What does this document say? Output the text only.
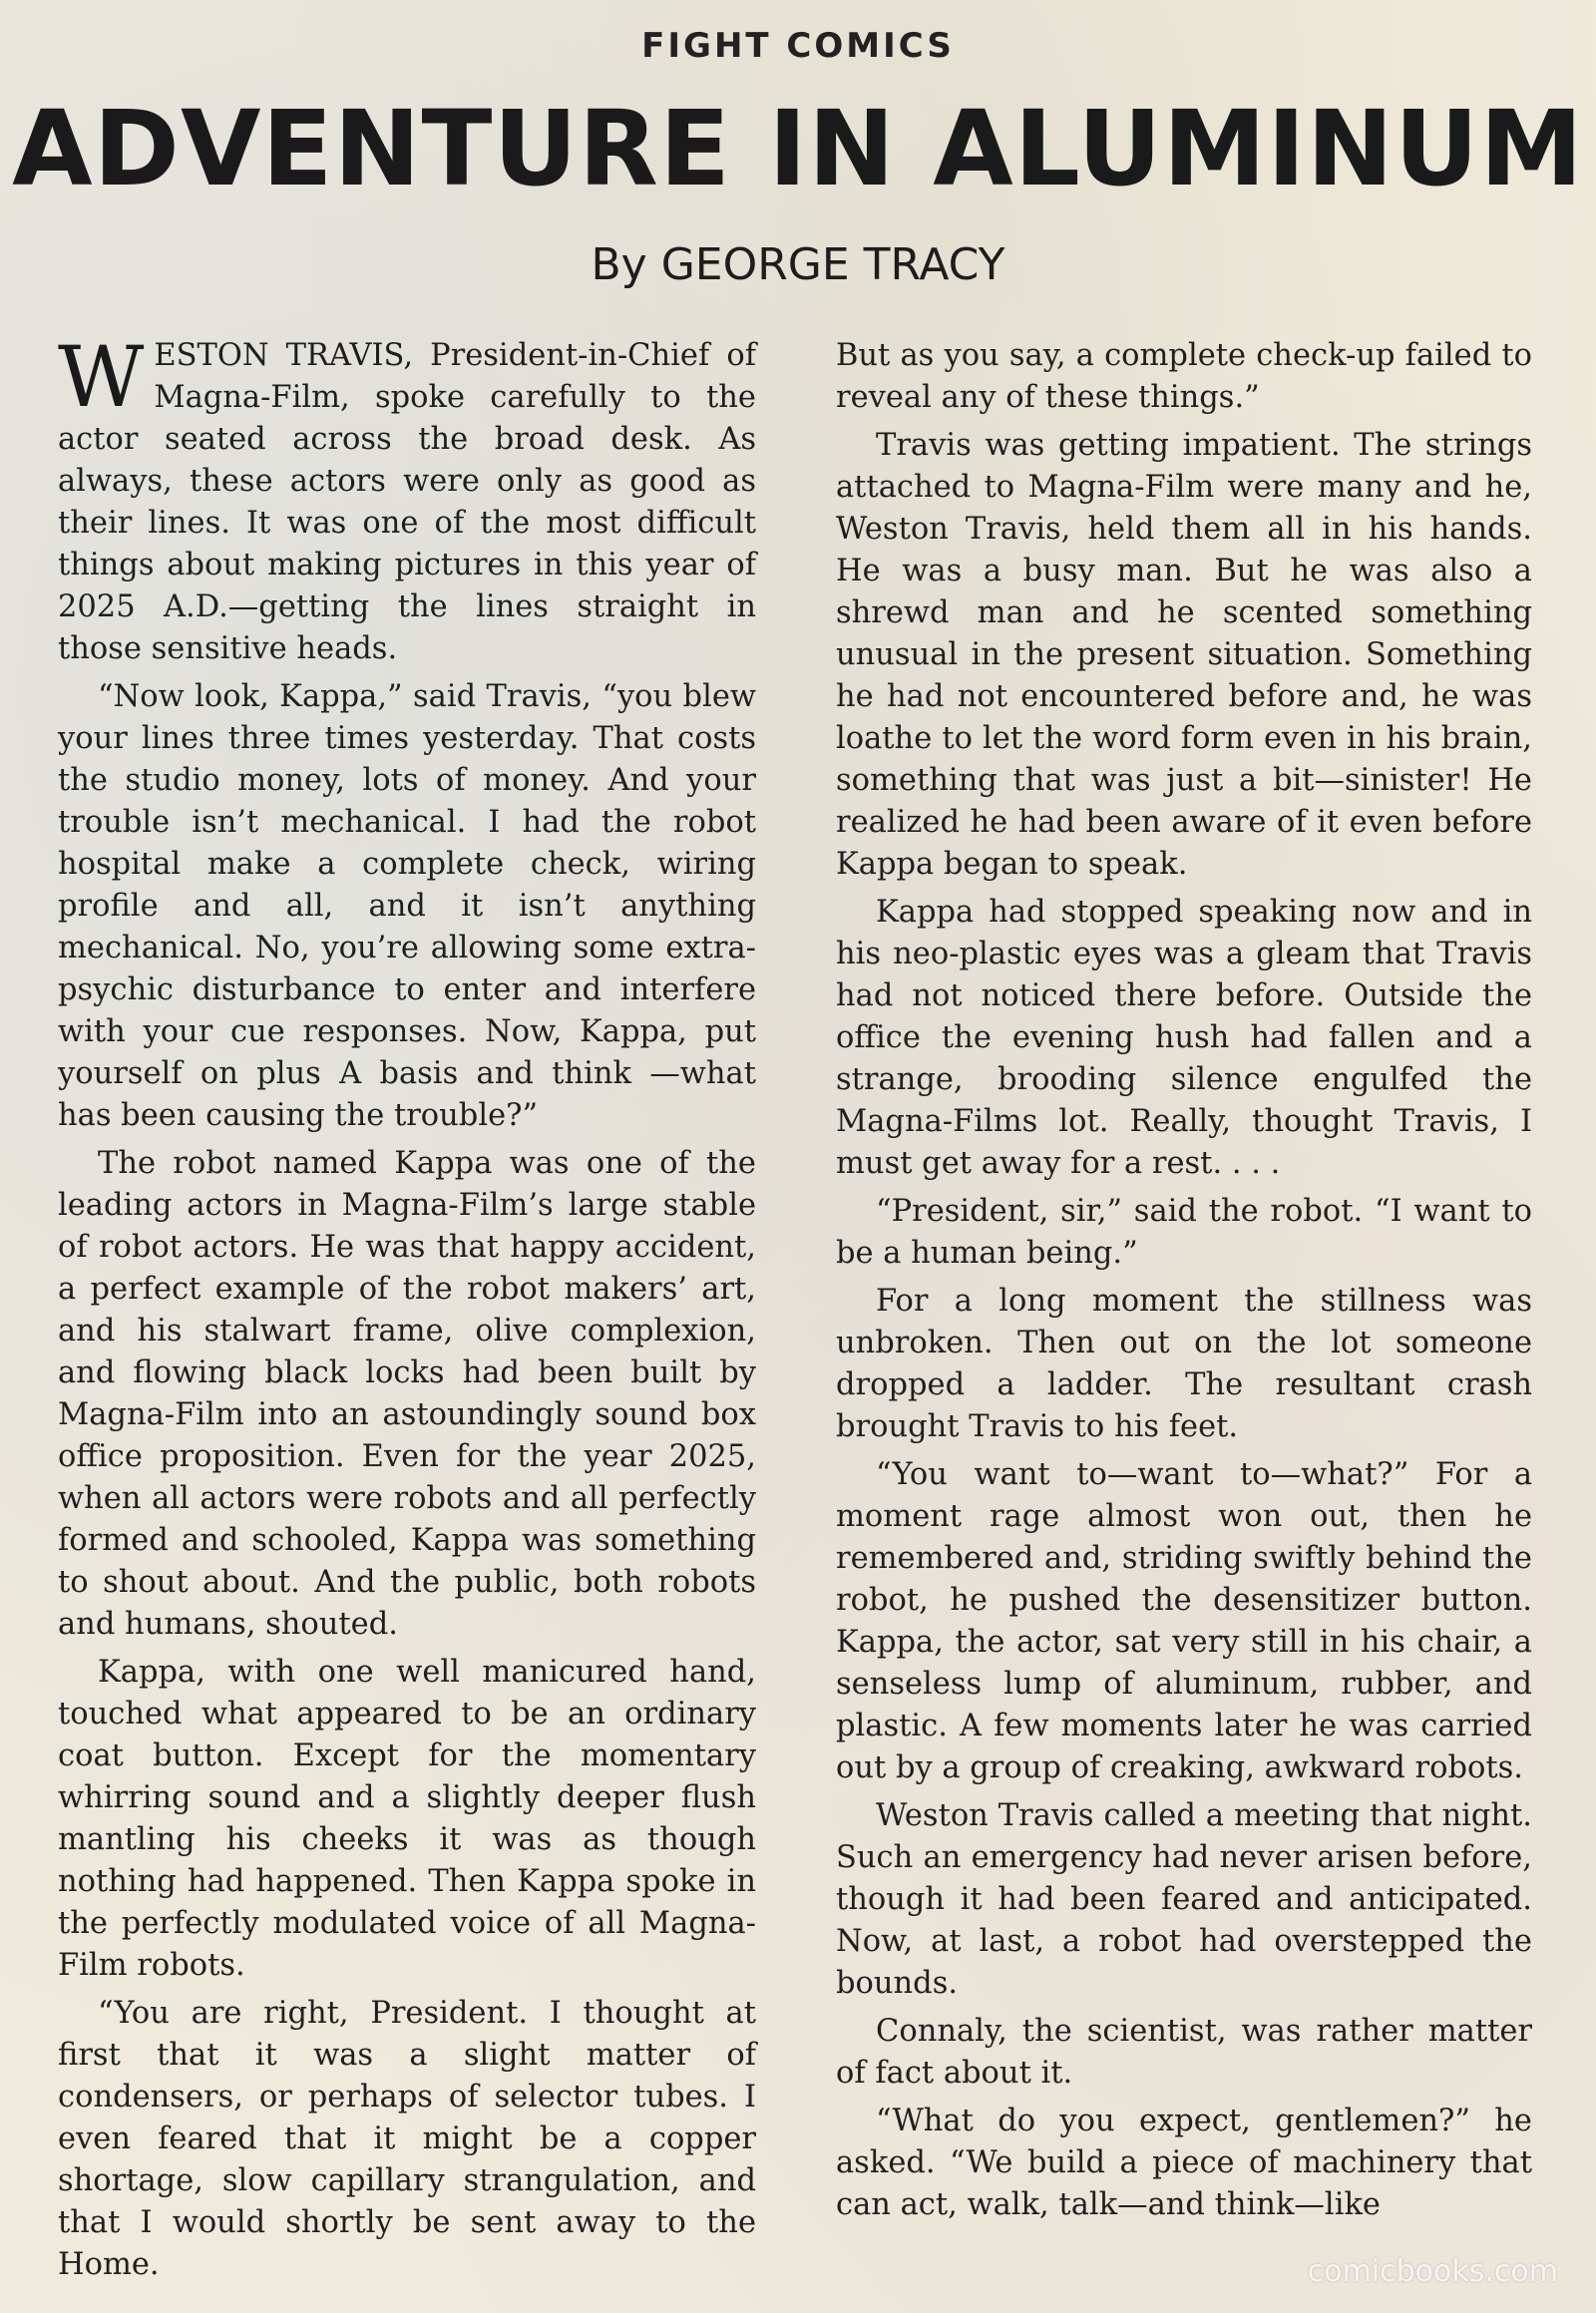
FIGHT COMICS
ADVENTURE IN ALUMINUM
By GEORGE TRACY

WESTON TRAVIS, President-in-Chief of Magna-Film, spoke carefully to the actor seated across the broad desk. As always, these actors were only as good as their lines. It was one of the most difficult things about making pictures in this year of 2025 A.D.—getting the lines straight in those sensitive heads.

“Now look, Kappa,” said Travis, “you blew your lines three times yesterday. That costs the studio money, lots of money. And your trouble isn’t mechanical. I had the robot hospital make a complete check, wiring profile and all, and it isn’t anything mechanical. No, you’re allowing some extra-psychic disturbance to enter and interfere with your cue responses. Now, Kappa, put yourself on plus A basis and think —what has been causing the trouble?”

The robot named Kappa was one of the leading actors in Magna-Film’s large stable of robot actors. He was that happy accident, a perfect example of the robot makers’ art, and his stalwart frame, olive complexion, and flowing black locks had been built by Magna-Film into an astoundingly sound box office proposition. Even for the year 2025, when all actors were robots and all perfectly formed and schooled, Kappa was something to shout about. And the public, both robots and humans, shouted.

Kappa, with one well manicured hand, touched what appeared to be an ordinary coat button. Except for the momentary whirring sound and a slightly deeper flush mantling his cheeks it was as though nothing had happened. Then Kappa spoke in the perfectly modulated voice of all Magna-Film robots.

“You are right, President. I thought at first that it was a slight matter of condensers, or perhaps of selector tubes. I even feared that it might be a copper shortage, slow capillary strangulation, and that I would shortly be sent away to the Home.

But as you say, a complete check-up failed to reveal any of these things.”

Travis was getting impatient. The strings attached to Magna-Film were many and he, Weston Travis, held them all in his hands. He was a busy man. But he was also a shrewd man and he scented something unusual in the present situation. Something he had not encountered before and, he was loathe to let the word form even in his brain, something that was just a bit—sinister! He realized he had been aware of it even before Kappa began to speak.

Kappa had stopped speaking now and in his neo-plastic eyes was a gleam that Travis had not noticed there before. Outside the office the evening hush had fallen and a strange, brooding silence engulfed the Magna-Films lot. Really, thought Travis, I must get away for a rest. . . .

“President, sir,” said the robot. “I want to be a human being.”

For a long moment the stillness was unbroken. Then out on the lot someone dropped a ladder. The resultant crash brought Travis to his feet.

“You want to—want to—what?” For a moment rage almost won out, then he remembered and, striding swiftly behind the robot, he pushed the desensitizer button. Kappa, the actor, sat very still in his chair, a senseless lump of aluminum, rubber, and plastic. A few moments later he was carried out by a group of creaking, awkward robots.

Weston Travis called a meeting that night. Such an emergency had never arisen before, though it had been feared and anticipated. Now, at last, a robot had overstepped the bounds.

Connaly, the scientist, was rather matter of fact about it.

“What do you expect, gentlemen?” he asked. “We build a piece of machinery that can act, walk, talk—and think—like

comicbooks.com
